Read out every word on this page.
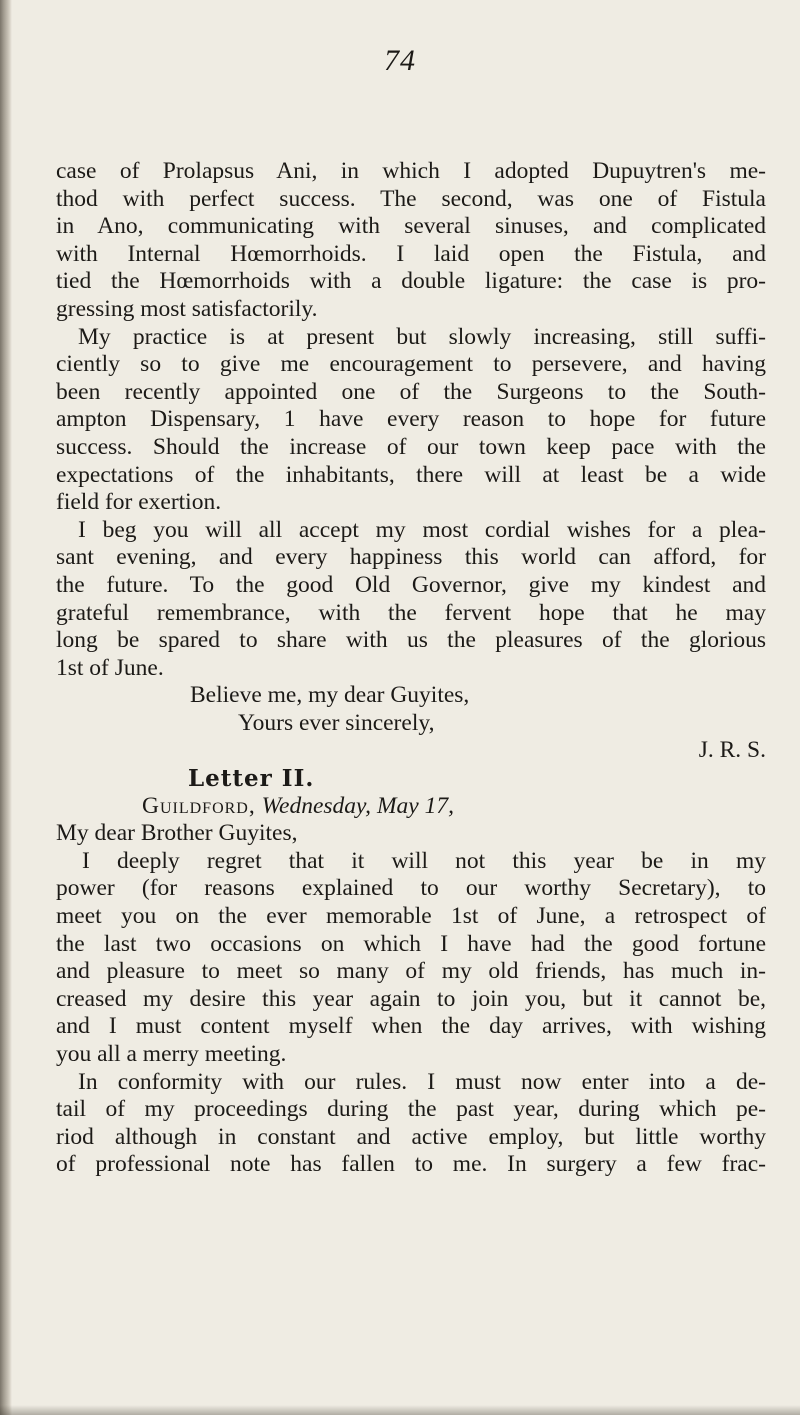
74
case of Prolapsus Ani, in which I adopted Dupuytren's me-
thod with perfect success. The second, was one of Fistula
in Ano, communicating with several sinuses, and complicated
with Internal Hœmorrhoids. I laid open the Fistula, and
tied the Hœmorrhoids with a double ligature: the case is pro-
gressing most satisfactorily.
My practice is at present but slowly increasing, still suffi-
ciently so to give me encouragement to persevere, and having
been recently appointed one of the Surgeons to the South-
ampton Dispensary, 1 have every reason to hope for future
success. Should the increase of our town keep pace with the
expectations of the inhabitants, there will at least be a wide
field for exertion.
I beg you will all accept my most cordial wishes for a plea-
sant evening, and every happiness this world can afford, for
the future. To the good Old Governor, give my kindest and
grateful remembrance, with the fervent hope that he may
long be spared to share with us the pleasures of the glorious
1st of June.
Believe me, my dear Guyites,
Yours ever sincerely,
J. R. S.
Letter II.
Guildford, Wednesday, May 17,
My dear Brother Guyites,
I deeply regret that it will not this year be in my
power (for reasons explained to our worthy Secretary), to
meet you on the ever memorable 1st of June, a retrospect of
the last two occasions on which I have had the good fortune
and pleasure to meet so many of my old friends, has much in-
creased my desire this year again to join you, but it cannot be,
and I must content myself when the day arrives, with wishing
you all a merry meeting.
In conformity with our rules. I must now enter into a de-
tail of my proceedings during the past year, during which pe-
riod although in constant and active employ, but little worthy
of professional note has fallen to me. In surgery a few frac-
